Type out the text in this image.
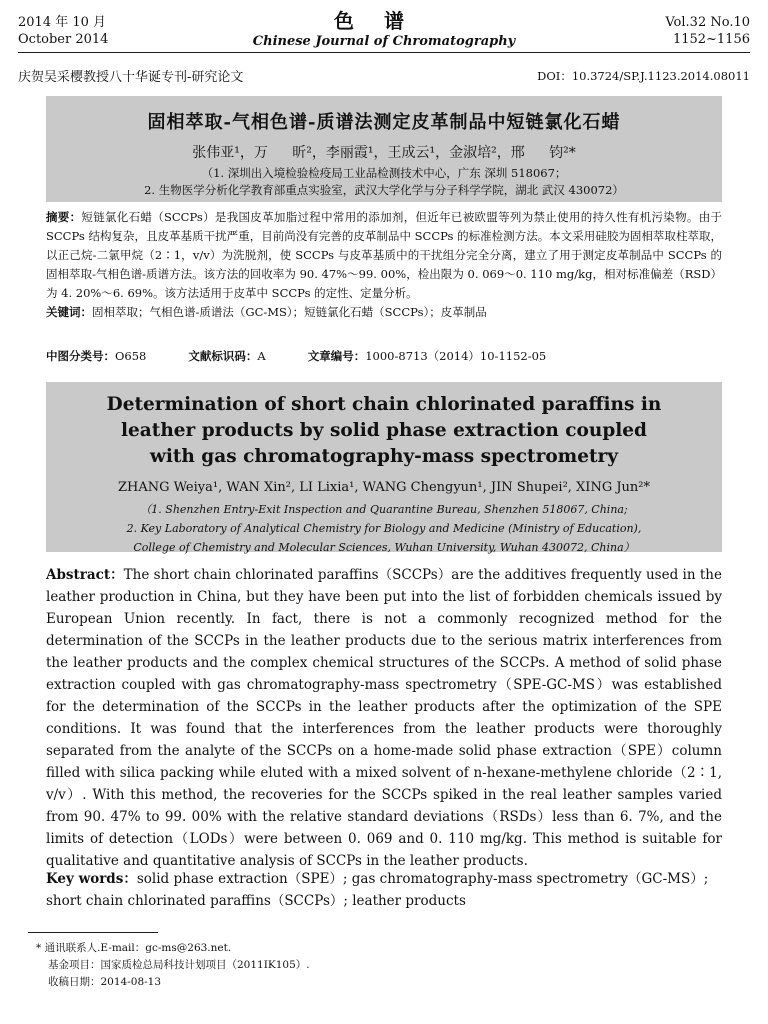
2014 年 10 月
October 2014
色谱
Chinese Journal of Chromatography
Vol.32 No.10
1152~1156
庆贺吴采樱教授八十华诞专刊-研究论文	DOI：10.3724/SP.J.1123.2014.08011
固相萃取-气相色谱-质谱法测定皮革制品中短链氯化石蜡
张伟亚¹，万 昕²，李丽霞¹，王成云¹，金淑培²，邢 钧²*
（1. 深圳出入境检验检疫局工业品检测技术中心，广东 深圳 518067；
2. 生物医学分析化学教育部重点实验室，武汉大学化学与分子科学学院，湖北 武汉 430072）
摘要：短链氯化石蜡（SCCPs）是我国皮革加脂过程中常用的添加剂，但近年已被欧盟等列为禁止使用的持久性有机污染物。由于 SCCPs 结构复杂，且皮革基质干扰严重，目前尚没有完善的皮革制品中 SCCPs 的标准检测方法。本文采用硅胶为固相萃取柱萃取，以正己烷-二氯甲烷（2∶1，v/v）为洗脱剂，使 SCCPs 与皮革基质中的干扰组分完全分离，建立了用于测定皮革制品中 SCCPs 的固相萃取-气相色谱-质谱方法。该方法的回收率为 90. 47%～99. 00%，检出限为 0. 069～0. 110 mg/kg，相对标准偏差（RSD）为 4. 20%～6. 69%。该方法适用于皮革中 SCCPs 的定性、定量分析。
关键词：固相萃取；气相色谱-质谱法（GC-MS）；短链氯化石蜡（SCCPs）；皮革制品
中图分类号：O658	文献标识码：A	文章编号：1000-8713（2014）10-1152-05
Determination of short chain chlorinated paraffins in
leather products by solid phase extraction coupled
with gas chromatography-mass spectrometry
ZHANG Weiya¹, WAN Xin², LI Lixia¹, WANG Chengyun¹, JIN Shupei², XING Jun²*
（1. Shenzhen Entry-Exit Inspection and Quarantine Bureau, Shenzhen 518067, China;
2. Key Laboratory of Analytical Chemistry for Biology and Medicine (Ministry of Education),
College of Chemistry and Molecular Sciences, Wuhan University, Wuhan 430072, China）
Abstract：The short chain chlorinated paraffins（SCCPs）are the additives frequently used in the leather production in China, but they have been put into the list of forbidden chemicals issued by European Union recently. In fact, there is not a commonly recognized method for the determination of the SCCPs in the leather products due to the serious matrix interferences from the leather products and the complex chemical structures of the SCCPs. A method of solid phase extraction coupled with gas chromatography-mass spectrometry（SPE-GC-MS）was established for the determination of the SCCPs in the leather products after the optimization of the SPE conditions. It was found that the interferences from the leather products were thoroughly separated from the analyte of the SCCPs on a home-made solid phase extraction（SPE）column filled with silica packing while eluted with a mixed solvent of n-hexane-methylene chloride（2∶1, v/v）. With this method, the recoveries for the SCCPs spiked in the real leather samples varied from 90. 47% to 99. 00% with the relative standard deviations（RSDs）less than 6. 7%, and the limits of detection（LODs）were between 0. 069 and 0. 110 mg/kg. This method is suitable for qualitative and quantitative analysis of SCCPs in the leather products.
Key words：solid phase extraction（SPE）; gas chromatography-mass spectrometry（GC-MS）; short chain chlorinated paraffins（SCCPs）; leather products
* 通讯联系人.E-mail：gc-ms@263.net.
基金项目：国家质检总局科技计划项目（2011IK105）.
收稿日期：2014-08-13
